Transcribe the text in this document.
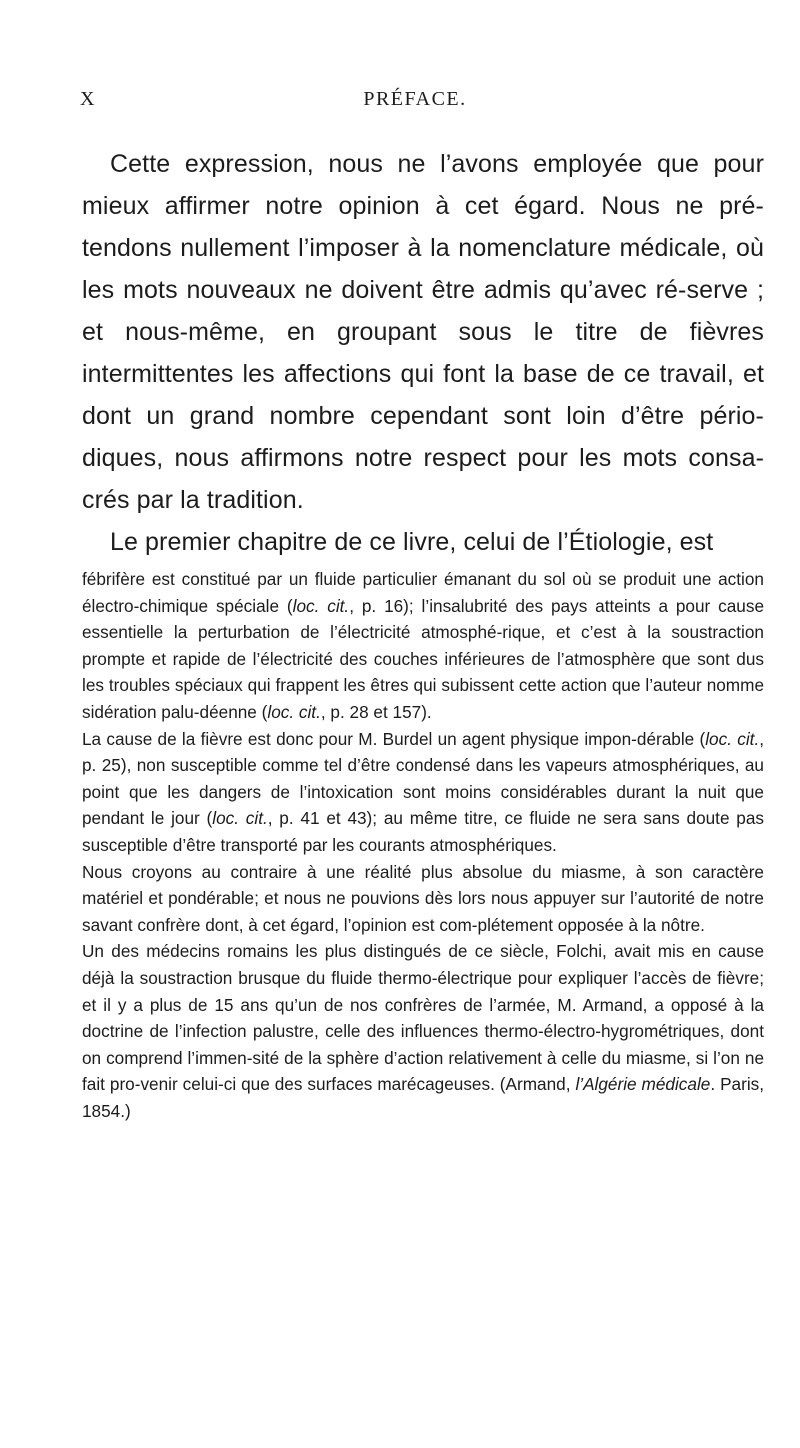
X	PRÉFACE.

Cette expression, nous ne l’avons employée que pour mieux affirmer notre opinion à cet égard. Nous ne pré-tendons nullement l’imposer à la nomenclature médicale, où les mots nouveaux ne doivent être admis qu’avec ré-serve ; et nous-même, en groupant sous le titre de fièvres intermittentes les affections qui font la base de ce travail, et dont un grand nombre cependant sont loin d’être pério-diques, nous affirmons notre respect pour les mots consa-crés par la tradition.

Le premier chapitre de ce livre, celui de l’Étiologie, est

fébrifère est constitué par un fluide particulier émanant du sol où se produit une action électro-chimique spéciale (loc. cit., p. 16); l’insalubrité des pays atteints a pour cause essentielle la perturbation de l’électricité atmosphé-rique, et c’est à la soustraction prompte et rapide de l’électricité des couches inférieures de l’atmosphère que sont dus les troubles spéciaux qui frappent les êtres qui subissent cette action que l’auteur nomme sidération palu-déenne (loc. cit., p. 28 et 157).

La cause de la fièvre est donc pour M. Burdel un agent physique impon-dérable (loc. cit., p. 25), non susceptible comme tel d’être condensé dans les vapeurs atmosphériques, au point que les dangers de l’intoxication sont moins considérables durant la nuit que pendant le jour (loc. cit., p. 41 et 43); au même titre, ce fluide ne sera sans doute pas susceptible d’être transporté par les courants atmosphériques.

Nous croyons au contraire à une réalité plus absolue du miasme, à son caractère matériel et pondérable; et nous ne pouvions dès lors nous appuyer sur l’autorité de notre savant confrère dont, à cet égard, l’opinion est com-plétement opposée à la nôtre.

Un des médecins romains les plus distingués de ce siècle, Folchi, avait mis en cause déjà la soustraction brusque du fluide thermo-électrique pour expliquer l’accès de fièvre; et il y a plus de 15 ans qu’un de nos confrères de l’armée, M. Armand, a opposé à la doctrine de l’infection palustre, celle des influences thermo-électro-hygrométriques, dont on comprend l’immen-sité de la sphère d’action relativement à celle du miasme, si l’on ne fait pro-venir celui-ci que des surfaces marécageuses. (Armand, l’Algérie médicale. Paris, 1854.)
